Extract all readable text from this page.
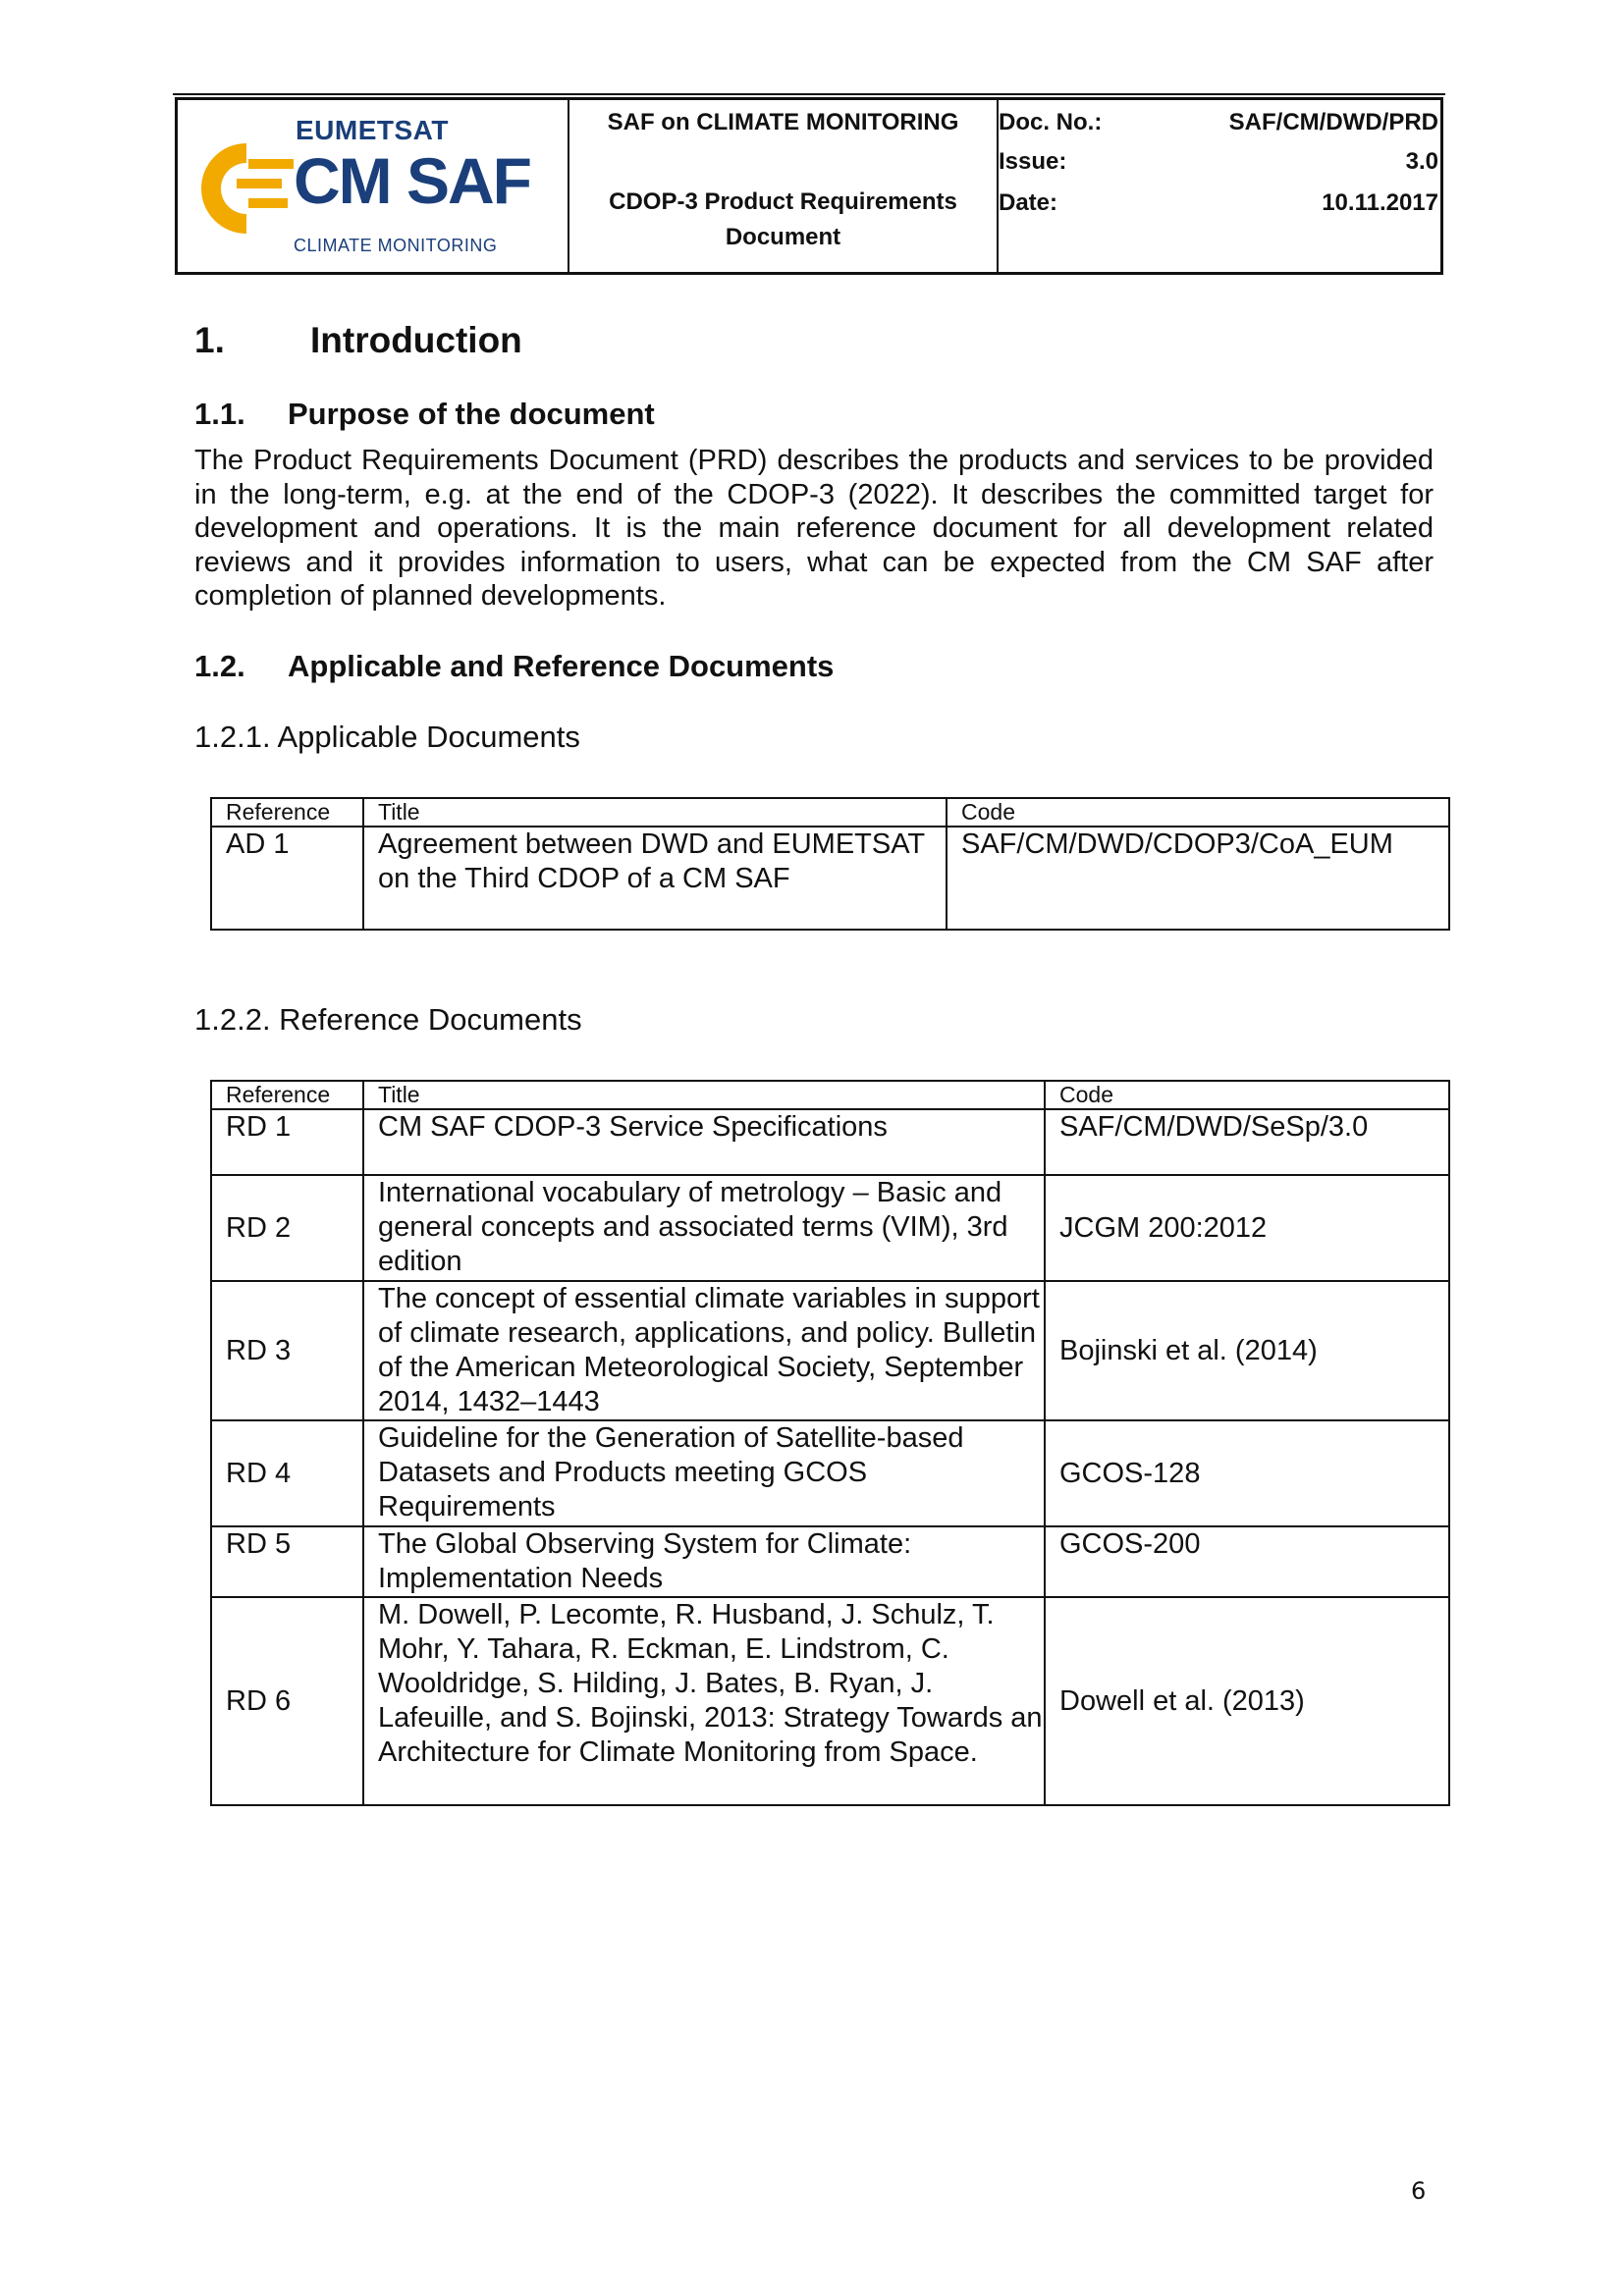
EUMETSAT
CM SAF
CLIMATE MONITORING
SAF on CLIMATE MONITORING
CDOP-3 Product Requirements
Document
Doc. No.:	SAF/CM/DWD/PRD
Issue:	3.0
Date:	10.11.2017
1. Introduction
1.1. Purpose of the document
The Product Requirements Document (PRD) describes the products and services to be provided in the long-term, e.g. at the end of the CDOP-3 (2022). It describes the committed target for development and operations. It is the main reference document for all development related reviews and it provides information to users, what can be expected from the CM SAF after completion of planned developments.
1.2. Applicable and Reference Documents
1.2.1. Applicable Documents
Reference	Title	Code
AD 1	Agreement between DWD and EUMETSAT on the Third CDOP of a CM SAF	SAF/CM/DWD/CDOP3/CoA_EUM
1.2.2. Reference Documents
Reference	Title	Code
RD 1	CM SAF CDOP-3 Service Specifications	SAF/CM/DWD/SeSp/3.0
RD 2	International vocabulary of metrology – Basic and general concepts and associated terms (VIM), 3rd edition	JCGM 200:2012
RD 3	The concept of essential climate variables in support of climate research, applications, and policy. Bulletin of the American Meteorological Society, September 2014, 1432–1443	Bojinski et al. (2014)
RD 4	Guideline for the Generation of Satellite-based Datasets and Products meeting GCOS Requirements	GCOS-128
RD 5	The Global Observing System for Climate: Implementation Needs	GCOS-200
RD 6	M. Dowell, P. Lecomte, R. Husband, J. Schulz, T. Mohr, Y. Tahara, R. Eckman, E. Lindstrom, C. Wooldridge, S. Hilding, J. Bates, B. Ryan, J. Lafeuille, and S. Bojinski, 2013: Strategy Towards an Architecture for Climate Monitoring from Space.	Dowell et al. (2013)
6
